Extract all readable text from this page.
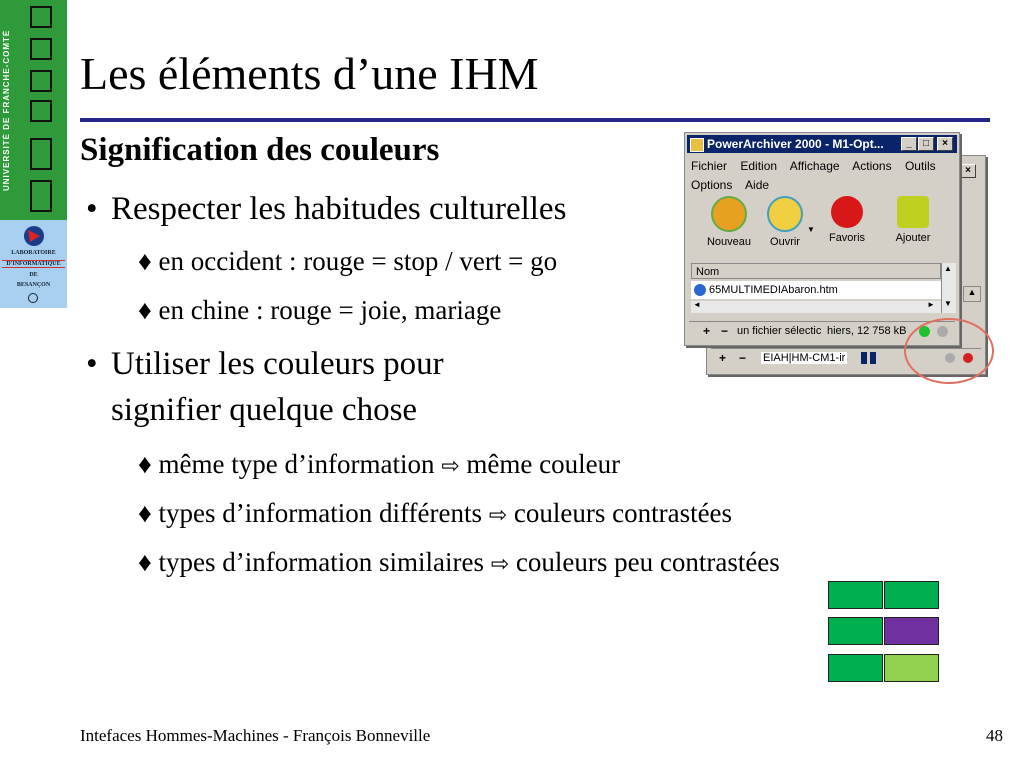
UNIVERSITÉ DE FRANCHE-COMTÉ
LABORATOIRE
D'INFORMATIQUE
DE
BESANÇON
Les éléments d’une IHM
Signification des couleurs
• Respecter les habitudes culturelles
♦ en occident : rouge = stop / vert = go
♦ en chine : rouge = joie, mariage
• Utiliser les couleurs pour
signifier quelque chose
♦ même type d’information ⇨ même couleur
♦ types d’information différents ⇨ couleurs contrastées
♦ types d’information similaires ⇨ couleurs peu contrastées
×
▲
+ − EIAH|HM-CM1-ir
PowerArchiver 2000 - M1-Opt...	_	□	×
Fichier Edition Affichage Actions Outils
Options Aide
Nouveau	Ouvrir	Favoris	Ajouter
▼
Nom
65MULTIMEDIAbaron.htm
▲
▼
◄	►
+ − un fichier sélectic hiers, 12 758 kB
Intefaces Hommes-Machines - François Bonneville	48
